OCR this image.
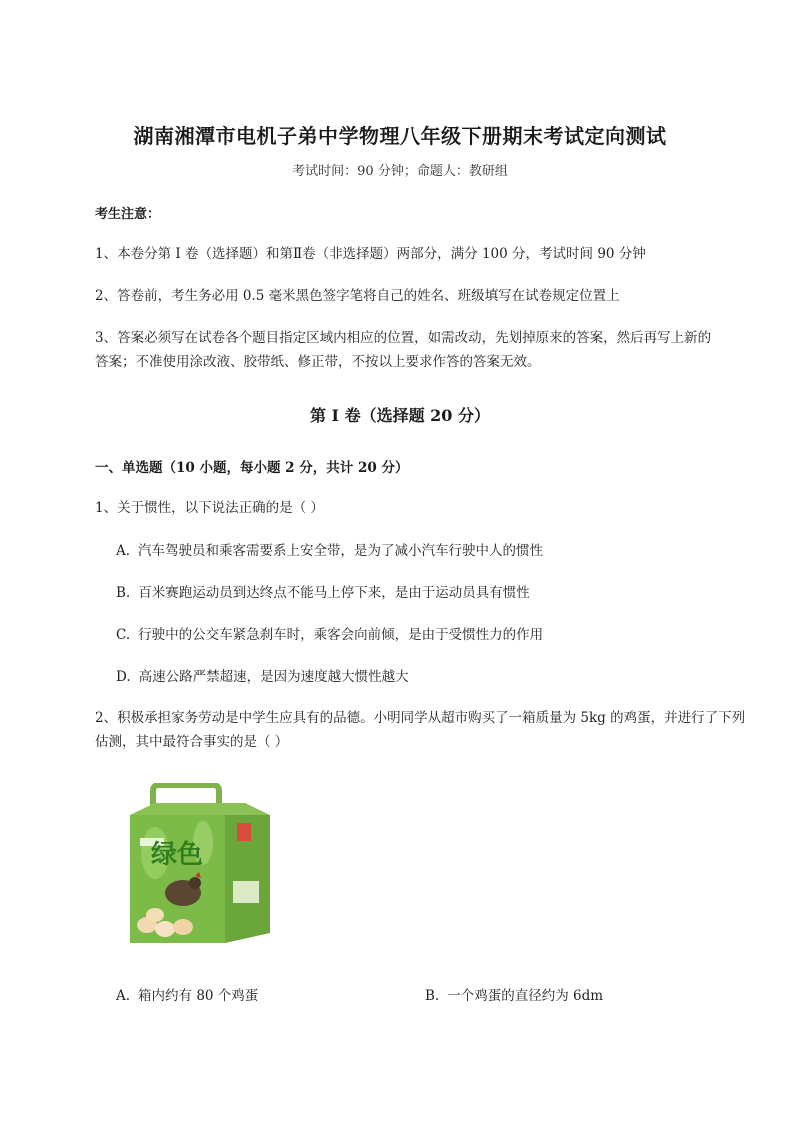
湖南湘潭市电机子弟中学物理八年级下册期末考试定向测试
考试时间：90 分钟；命题人：教研组
考生注意：
1、本卷分第 I 卷（选择题）和第Ⅱ卷（非选择题）两部分，满分 100 分，考试时间 90 分钟
2、答卷前，考生务必用 0.5 毫米黑色签字笔将自己的姓名、班级填写在试卷规定位置上
3、答案必须写在试卷各个题目指定区域内相应的位置，如需改动，先划掉原来的答案，然后再写上新的答案；不准使用涂改液、胶带纸、修正带，不按以上要求作答的答案无效。
第 I 卷（选择题 20 分）
一、单选题（10 小题，每小题 2 分，共计 20 分）
1、关于惯性，以下说法正确的是（ ）
A. 汽车驾驶员和乘客需要系上安全带，是为了减小汽车行驶中人的惯性
B. 百米赛跑运动员到达终点不能马上停下来，是由于运动员具有惯性
C. 行驶中的公交车紧急刹车时，乘客会向前倾，是由于受惯性力的作用
D. 高速公路严禁超速，是因为速度越大惯性越大
2、积极承担家务劳动是中学生应具有的品德。小明同学从超市购买了一箱质量为 5kg 的鸡蛋，并进行了下列估测，其中最符合事实的是（ ）
绿色
A. 箱内约有 80 个鸡蛋	B. 一个鸡蛋的直径约为 6dm
